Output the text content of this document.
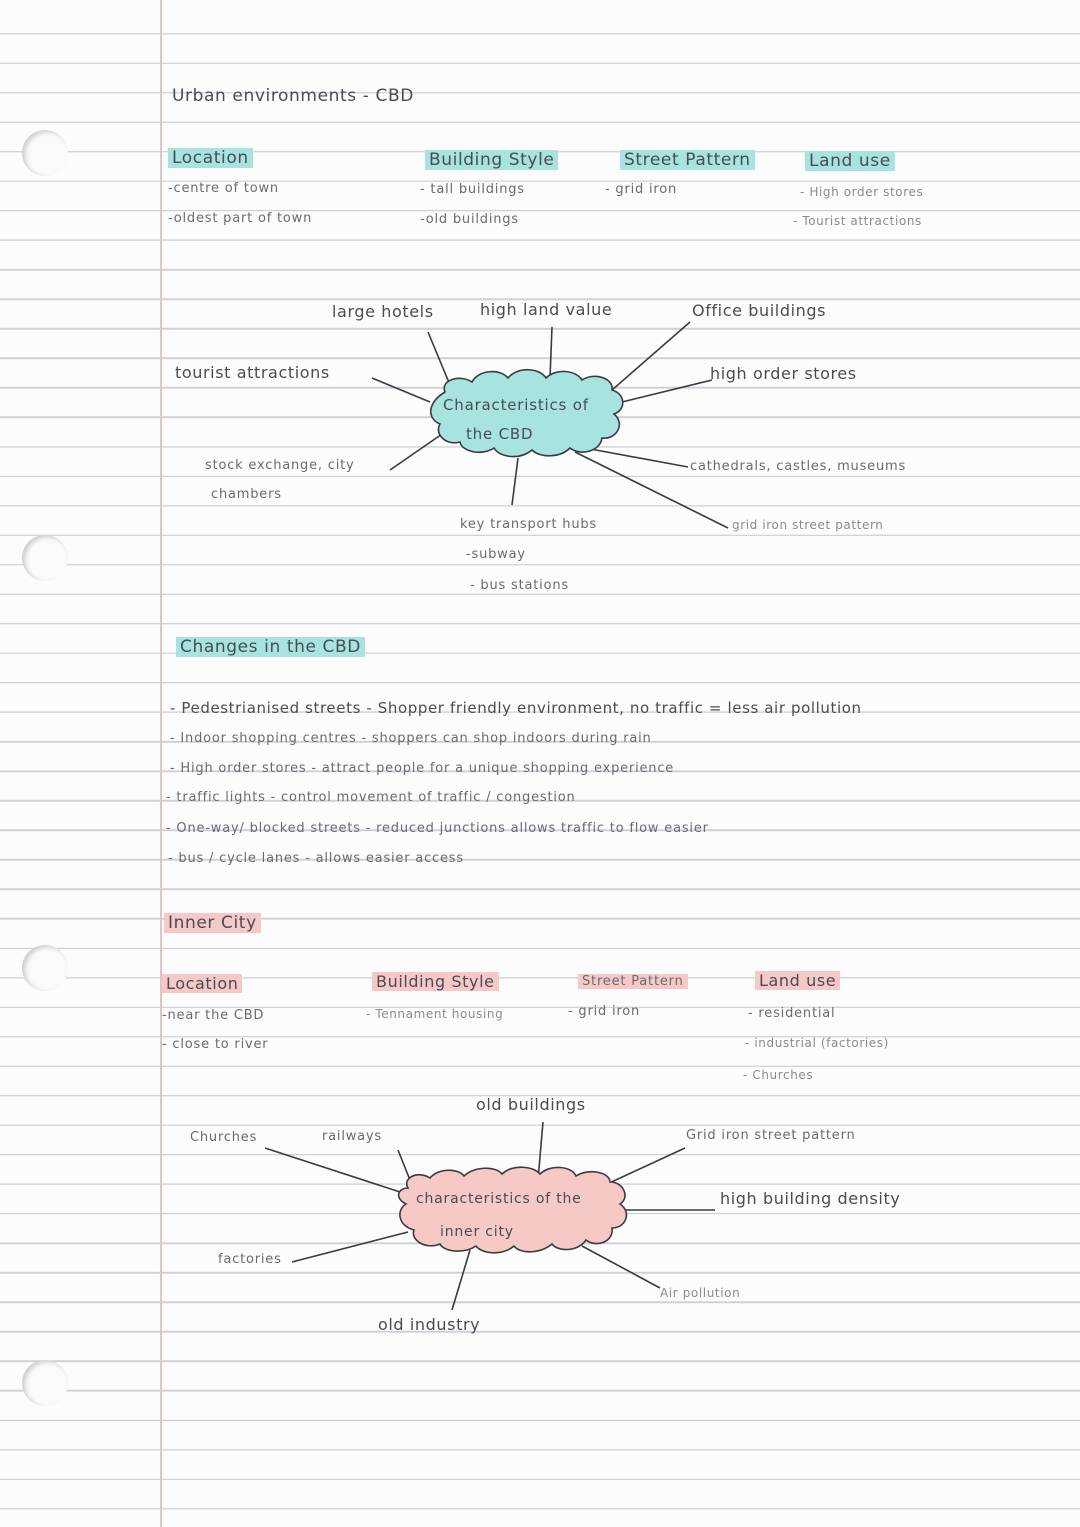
Urban environments - CBD
Location
-centre of town
-oldest part of town
Building Style
- tall buildings
-old buildings
Street Pattern
- grid iron
Land use
- High order stores
- Tourist attractions
Characteristics of
the CBD
large hotels	high land value	Office buildings
tourist attractions	high order stores
stock exchange, city
chambers
cathedrals, castles, museums
key transport hubs
-subway
- bus stations
grid iron street pattern
Changes in the CBD
- Pedestrianised streets - Shopper friendly environment, no traffic = less air pollution
- Indoor shopping centres - shoppers can shop indoors during rain
- High order stores - attract people for a unique shopping experience
- traffic lights - control movement of traffic / congestion
- One-way/ blocked streets - reduced junctions allows traffic to flow easier
- bus / cycle lanes - allows easier access
Inner City
Location
-near the CBD
- close to river
Building Style
- Tennament housing
Street Pattern
- grid iron
Land use
- residential
- industrial (factories)
- Churches
characteristics of the
inner city
old buildings
Churches	railways	Grid iron street pattern
high building density
factories
Air pollution
old industry
